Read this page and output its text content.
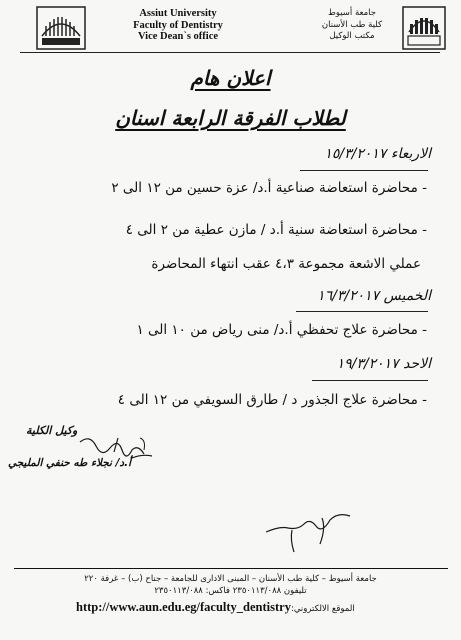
Assiut University
Faculty of Dentistry
Vice Dean`s office
جامعة أسيوط
كلية طب الأسنان
مكتب الوكيل
اعلان هام
لطلاب الفرقة الرابعة اسنان
الاربعاء ١٥/٣/٢٠١٧
- محاضرة استعاضة صناعية أ.د/ عزة حسين من ١٢ الى ٢
- محاضرة استعاضة سنية أ.د / مازن عطية من ٢ الى ٤
عملي الاشعة مجموعة ٤،٣ عقب انتهاء المحاضرة
الخميس ١٦/٣/٢٠١٧
- محاضرة علاج تحفظي أ.د/ منى رياض من ١٠ الى ١
الاحد ١٩/٣/٢٠١٧
- محاضرة علاج الجذور د / طارق السويفي من ١٢ الى ٤
وكيل الكلية
أ.د/ نجلاء طه حنفي المليجي
جامعة أسيوط – كلية طب الأسنان – المبنى الادارى للجامعة – جناح (ب) – غرفة ٢٢٠
تليفون ٢٣٥٠١١٣/٠٨٨ فاكس: ٢٣٥٠١١٣/٠٨٨
http://www.aun.edu.eg/faculty_dentistryالموقع الالكتروني:
